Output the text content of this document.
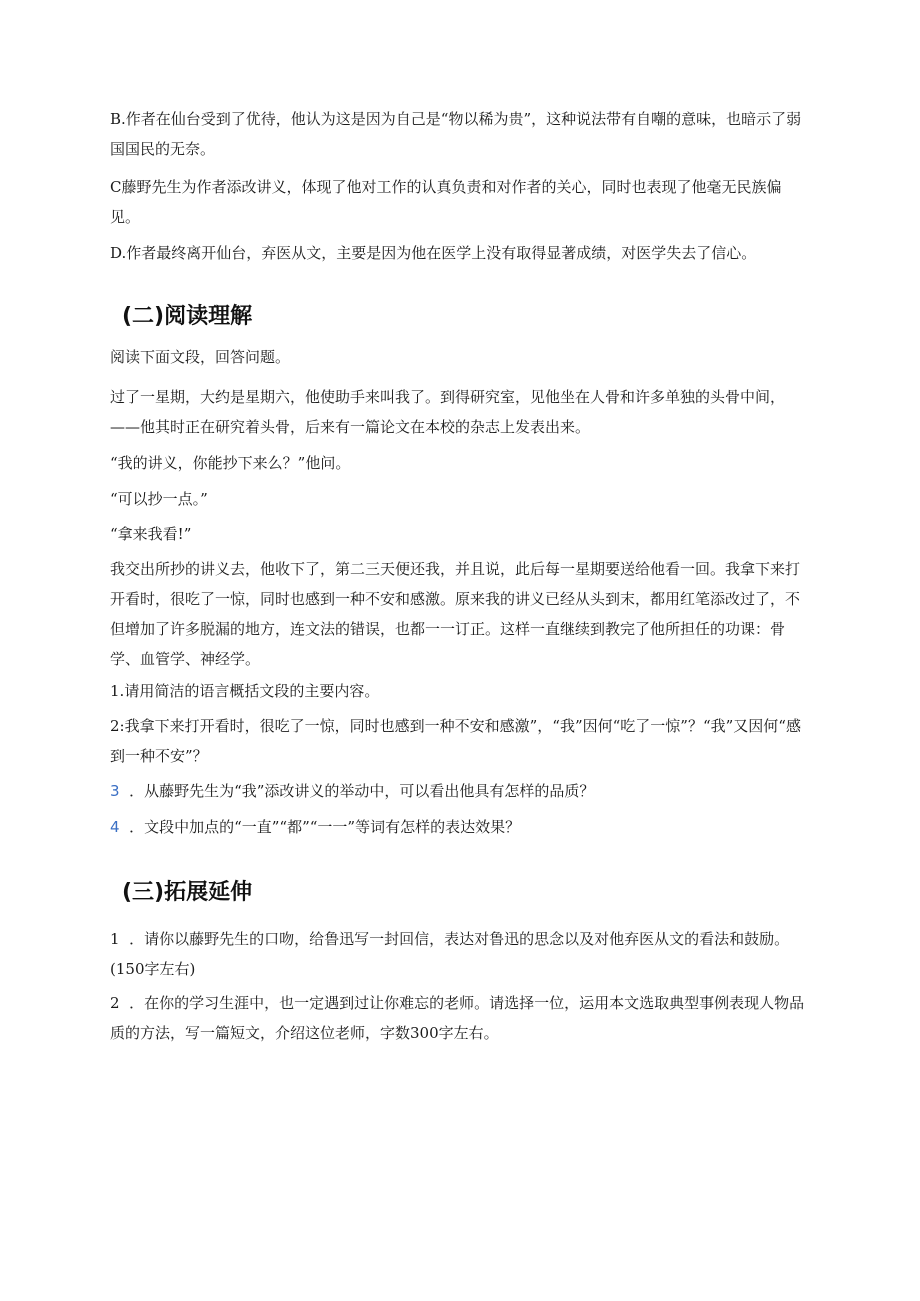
B.作者在仙台受到了优待，他认为这是因为自己是“物以稀为贵”，这种说法带有自嘲的意味，也暗示了弱国国民的无奈。

C藤野先生为作者添改讲义，体现了他对工作的认真负责和对作者的关心，同时也表现了他毫无民族偏见。

D.作者最终离开仙台，弃医从文，主要是因为他在医学上没有取得显著成绩，对医学失去了信心。

(二)阅读理解

阅读下面文段，回答问题。

过了一星期，大约是星期六，他使助手来叫我了。到得研究室，见他坐在人骨和许多单独的头骨中间，——他其时正在研究着头骨，后来有一篇论文在本校的杂志上发表出来。

“我的讲义，你能抄下来么？”他问。

“可以抄一点。”

“拿来我看!”

我交出所抄的讲义去，他收下了，第二三天便还我，并且说，此后每一星期要送给他看一回。我拿下来打开看时，很吃了一惊，同时也感到一种不安和感激。原来我的讲义已经从头到末，都用红笔添改过了，不但增加了许多脱漏的地方，连文法的错误，也都一一订正。这样一直继续到教完了他所担任的功课：骨学、血管学、神经学。

1.请用简洁的语言概括文段的主要内容。

2:我拿下来打开看时，很吃了一惊，同时也感到一种不安和感激”，“我”因何“吃了一惊”？“我”又因何“感到一种不安”？

3 ．从藤野先生为“我”添改讲义的举动中，可以看出他具有怎样的品质？

4 ．文段中加点的“一直”“都”“一一”等词有怎样的表达效果？

(三)拓展延伸

1 ．请你以藤野先生的口吻，给鲁迅写一封回信，表达对鲁迅的思念以及对他弃医从文的看法和鼓励。(150字左右)

2 ．在你的学习生涯中，也一定遇到过让你难忘的老师。请选择一位，运用本文选取典型事例表现人物品质的方法，写一篇短文，介绍这位老师，字数300字左右。
